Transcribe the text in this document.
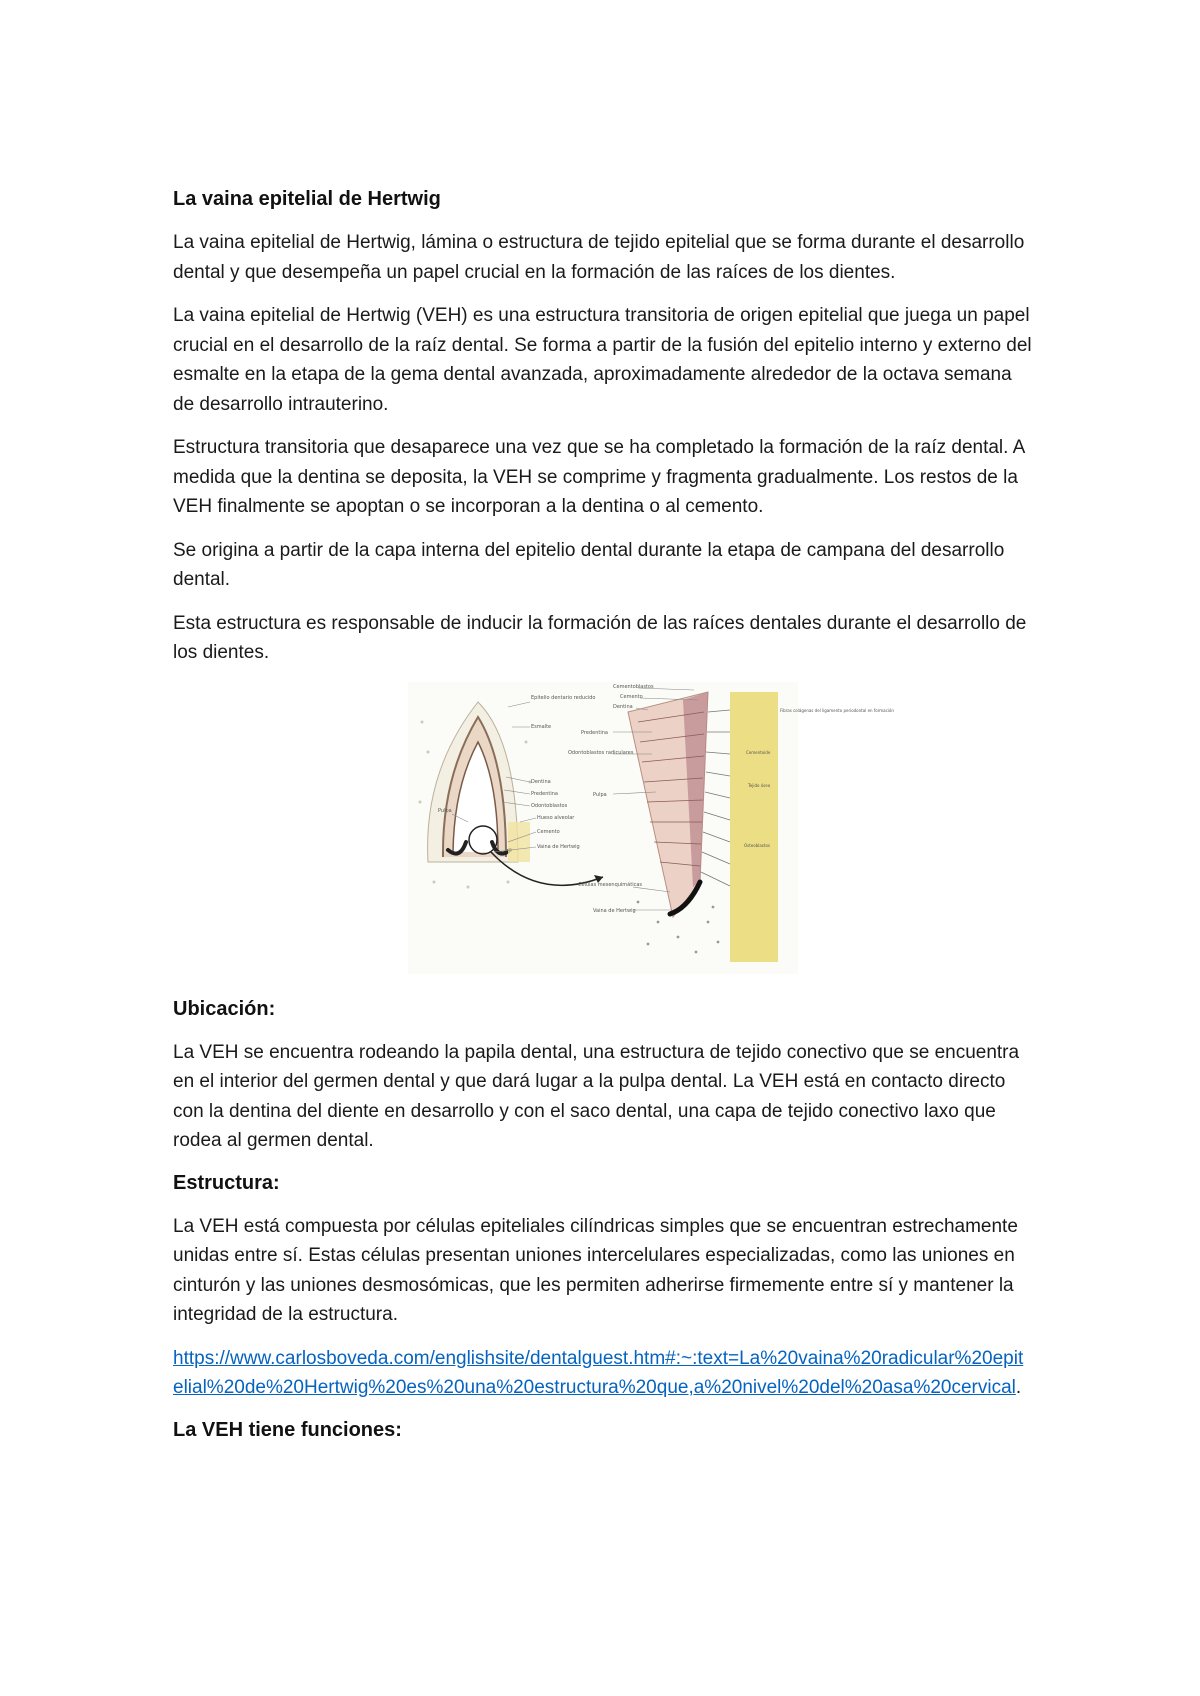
La vaina epitelial de Hertwig

La vaina epitelial de Hertwig, lámina o estructura de tejido epitelial que se forma durante el desarrollo dental y que desempeña un papel crucial en la formación de las raíces de los dientes.

La vaina epitelial de Hertwig (VEH) es una estructura transitoria de origen epitelial que juega un papel crucial en el desarrollo de la raíz dental. Se forma a partir de la fusión del epitelio interno y externo del esmalte en la etapa de la gema dental avanzada, aproximadamente alrededor de la octava semana de desarrollo intrauterino.

Estructura transitoria que desaparece una vez que se ha completado la formación de la raíz dental. A medida que la dentina se deposita, la VEH se comprime y fragmenta gradualmente. Los restos de la VEH finalmente se apoptan o se incorporan a la dentina o al cemento.

Se origina a partir de la capa interna del epitelio dental durante la etapa de campana del desarrollo dental.

Esta estructura es responsable de inducir la formación de las raíces dentales durante el desarrollo de los dientes.

Epitelio dentario reducido
Esmalte
Dentina
Predentina
Odontoblastos
Pulpa
Hueso alveolar
Cemento
Vaina de Hertwig
Cementoblastos
Cemento
Dentina
Predentina
Odontoblastos radiculares
Pulpa
Células mesenquimáticas
Vaina de Hertwig
Fibras colágenas del ligamento periodontal en formación
Cementoide
Tejido óseo
Osteoblastos
Ubicación:

La VEH se encuentra rodeando la papila dental, una estructura de tejido conectivo que se encuentra en el interior del germen dental y que dará lugar a la pulpa dental. La VEH está en contacto directo con la dentina del diente en desarrollo y con el saco dental, una capa de tejido conectivo laxo que rodea al germen dental.

Estructura:

La VEH está compuesta por células epiteliales cilíndricas simples que se encuentran estrechamente unidas entre sí. Estas células presentan uniones intercelulares especializadas, como las uniones en cinturón y las uniones desmosómicas, que les permiten adherirse firmemente entre sí y mantener la integridad de la estructura.

https://www.carlosboveda.com/englishsite/dentalguest.htm#:~:text=La%20vaina%20radicular%20epitelial%20de%20Hertwig%20es%20una%20estructura%20que,a%20nivel%20del%20asa%20cervical.

La VEH tiene funciones:
